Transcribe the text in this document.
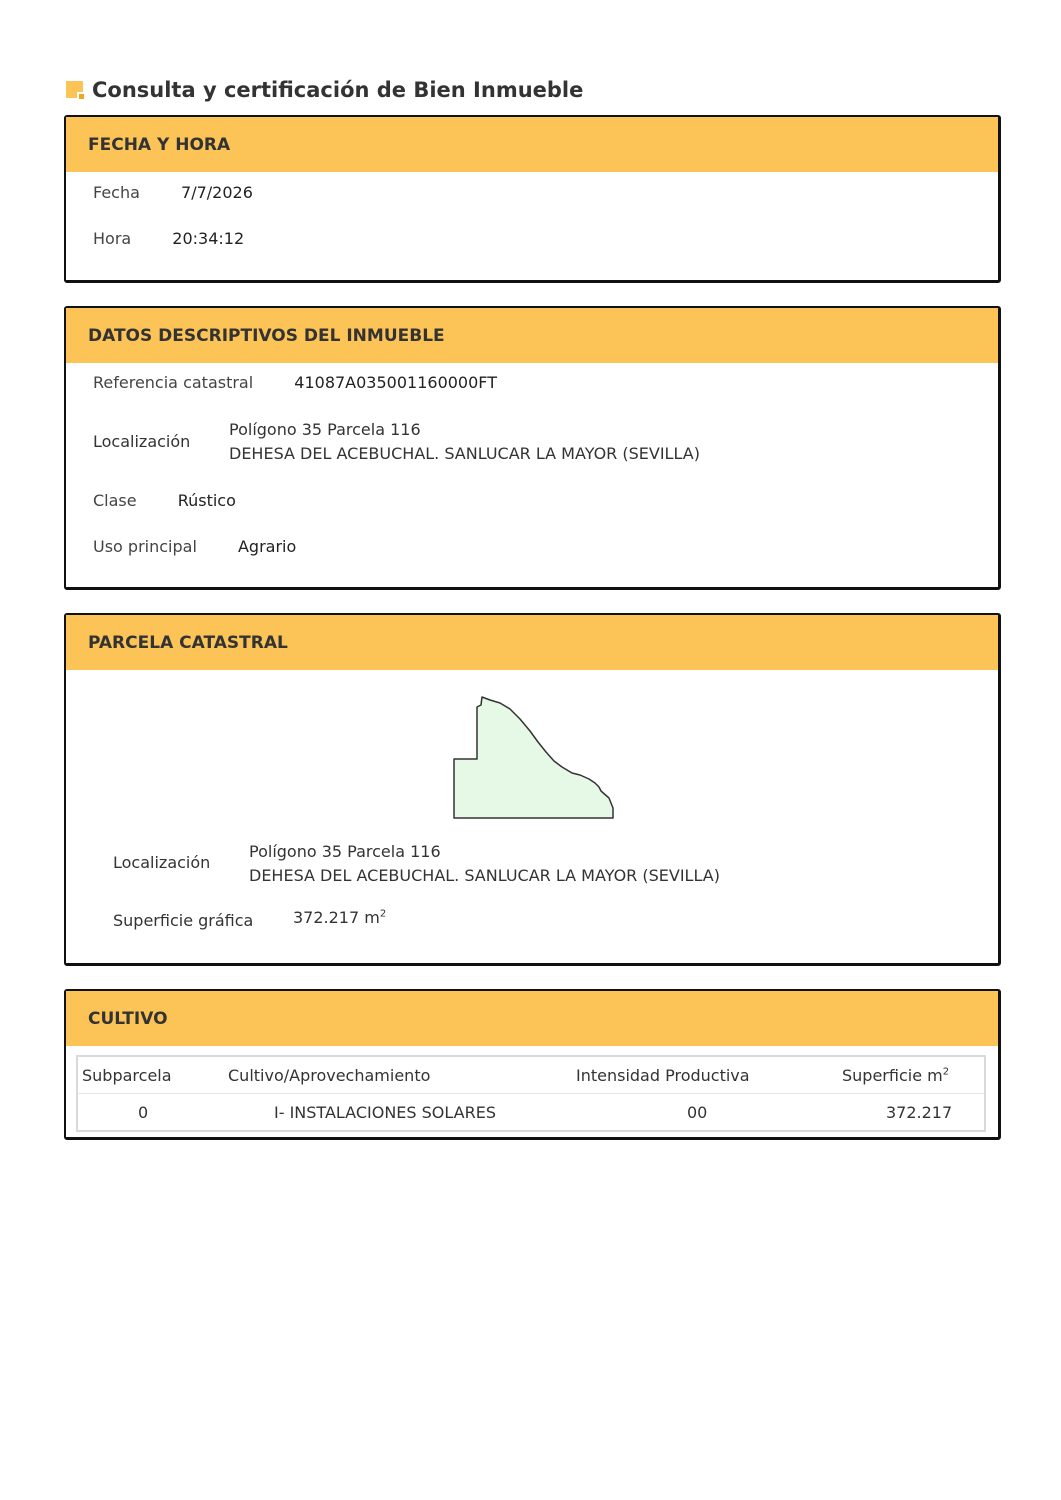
Consulta y certificación de Bien Inmueble
FECHA Y HORA
Fecha	7/7/2026
Hora	20:34:12
DATOS DESCRIPTIVOS DEL INMUEBLE
Referencia catastral	41087A035001160000FT
Localización
Polígono 35 Parcela 116
DEHESA DEL ACEBUCHAL. SANLUCAR LA MAYOR (SEVILLA)
Clase	Rústico
Uso principal	Agrario
PARCELA CATASTRAL
Localización
Polígono 35 Parcela 116
DEHESA DEL ACEBUCHAL. SANLUCAR LA MAYOR (SEVILLA)
Superficie gráfica 372.217 $m^2$
CULTIVO
Subparcela	Cultivo/Aprovechamiento	Intensidad Productiva	Superficie $m^2$
0	I- INSTALACIONES SOLARES	00	372.217
